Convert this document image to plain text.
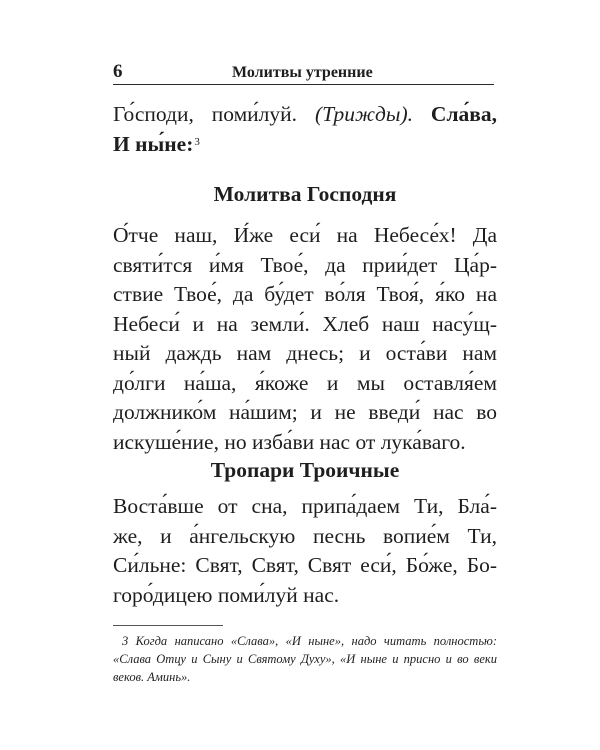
6	Молитвы утренние
Го́споди, поми́луй. (Трижды). Сла́ва,
И ны́не:$^3$
Молитва Господня
О́тче наш, И́же еси́ на Небесе́х! Да
святи́тся и́мя Твое́, да прии́дет Ца́р-
ствие Твое́, да бу́дет во́ля Твоя́, я́ко на
Небеси́ и на земли́. Хлеб наш насу́щ-
ный даждь нам днесь; и оста́ви нам
до́лги на́ша, я́коже и мы оставля́ем
должнико́м на́шим; и не введи́ нас во
искуше́ние, но изба́ви нас от лука́ваго.
Тропари Троичные
Воста́вше от сна, припа́даем Ти, Бла́-
же, и а́нгельскую песнь вопие́м Ти,
Си́льне: Свят, Свят, Свят еси́, Бо́же, Бо-
горо́дицею поми́луй нас.
3 Когда написано «Слава», «И ныне», надо читать полностью:
«Слава Отцу и Сыну и Святому Духу», «И ныне и присно и во веки
веков. Аминь».
